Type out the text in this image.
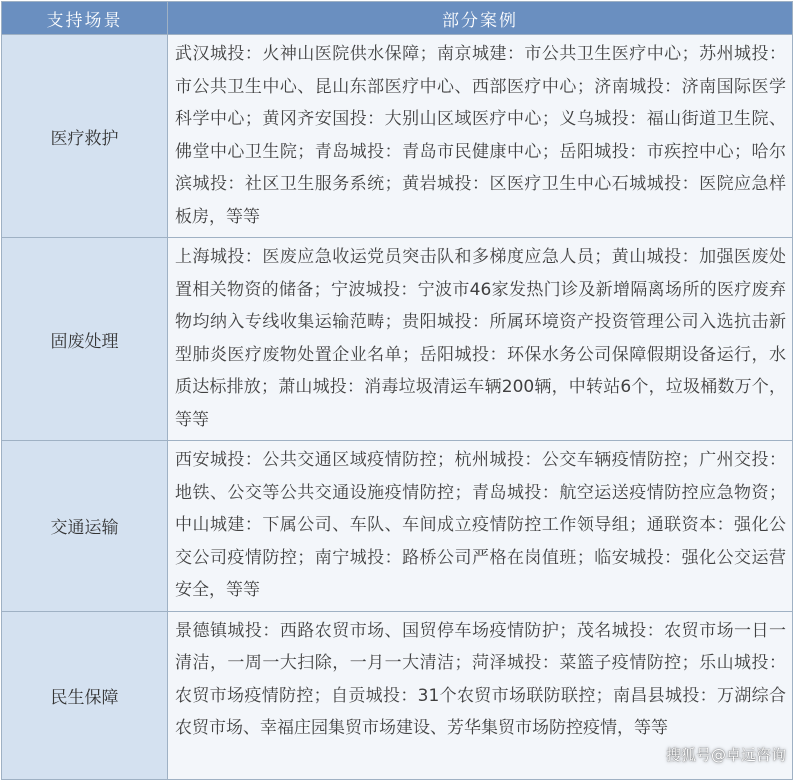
支持场景	部分案例
医疗救护	武汉城投：火神山医院供水保障；南京城建：市公共卫生医疗中心；苏州城投：市公共卫生中心、昆山东部医疗中心、西部医疗中心；济南城投：济南国际医学科学中心；黄冈齐安国投：大别山区域医疗中心；义乌城投：福山街道卫生院、佛堂中心卫生院；青岛城投：青岛市民健康中心；岳阳城投：市疾控中心；哈尔滨城投：社区卫生服务系统；黄岩城投：区医疗卫生中心石城城投：医院应急样板房，等等
固废处理	上海城投：医废应急收运党员突击队和多梯度应急人员；黄山城投：加强医废处置相关物资的储备；宁波城投：宁波市46家发热门诊及新增隔离场所的医疗废弃物均纳入专线收集运输范畴；贵阳城投：所属环境资产投资管理公司入选抗击新型肺炎医疗废物处置企业名单；岳阳城投：环保水务公司保障假期设备运行，水质达标排放；萧山城投：消毒垃圾清运车辆200辆，中转站6个，垃圾桶数万个，等等
交通运输	西安城投：公共交通区域疫情防控；杭州城投：公交车辆疫情防控；广州交投：地铁、公交等公共交通设施疫情防控；青岛城投：航空运送疫情防控应急物资；中山城建：下属公司、车队、车间成立疫情防控工作领导组；通联资本：强化公交公司疫情防控；南宁城投：路桥公司严格在岗值班；临安城投：强化公交运营安全，等等
民生保障	景德镇城投：西路农贸市场、国贸停车场疫情防护；茂名城投：农贸市场一日一清洁，一周一大扫除，一月一大清洁；菏泽城投：菜篮子疫情防控；乐山城投：农贸市场疫情防控；自贡城投：31个农贸市场联防联控；南昌县城投：万湖综合农贸市场、幸福庄园集贸市场建设、芳华集贸市场防控疫情，等等
搜狐号@卓远咨询
